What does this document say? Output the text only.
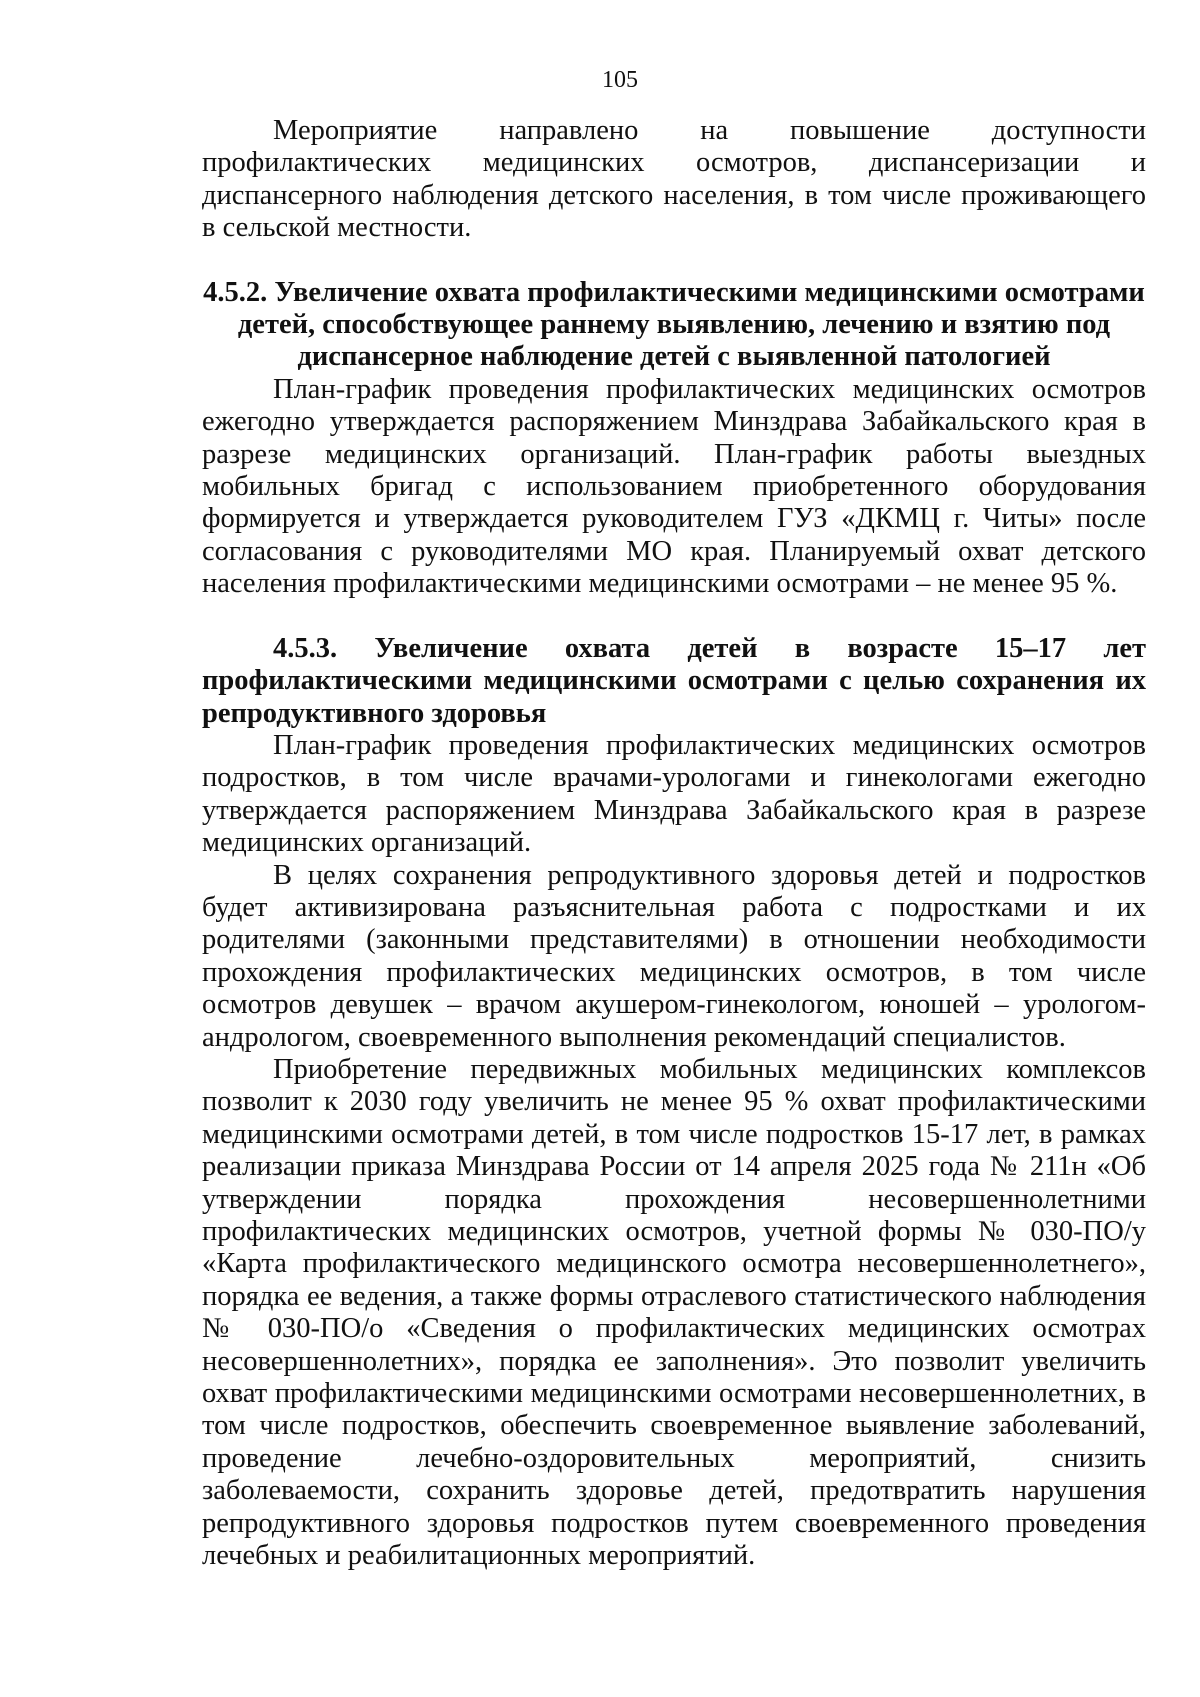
105

Мероприятие направлено на повышение доступности профилактических медицинских осмотров, диспансеризации и диспансерного наблюдения детского населения, в том числе проживающего в сельской местности.

4.5.2. Увеличение охвата профилактическими медицинскими осмотрами детей, способствующее раннему выявлению, лечению и взятию под диспансерное наблюдение детей с выявленной патологией

План-график проведения профилактических медицинских осмотров ежегодно утверждается распоряжением Минздрава Забайкальского края в разрезе медицинских организаций. План-график работы выездных мобильных бригад с использованием приобретенного оборудования формируется и утверждается руководителем ГУЗ «ДКМЦ г. Читы» после согласования с руководителями МО края. Планируемый охват детского населения профилактическими медицинскими осмотрами – не менее 95 %.

4.5.3. Увеличение охвата детей в возрасте 15–17 лет профилактическими медицинскими осмотрами с целью сохранения их репродуктивного здоровья

План-график проведения профилактических медицинских осмотров подростков, в том числе врачами-урологами и гинекологами ежегодно утверждается распоряжением Минздрава Забайкальского края в разрезе медицинских организаций.

В целях сохранения репродуктивного здоровья детей и подростков будет активизирована разъяснительная работа с подростками и их родителями (законными представителями) в отношении необходимости прохождения профилактических медицинских осмотров, в том числе осмотров девушек – врачом акушером-гинекологом, юношей – урологом-андрологом, своевременного выполнения рекомендаций специалистов.

Приобретение передвижных мобильных медицинских комплексов позволит к 2030 году увеличить не менее 95 % охват профилактическими медицинскими осмотрами детей, в том числе подростков 15-17 лет, в рамках реализации приказа Минздрава России от 14 апреля 2025 года № 211н «Об утверждении порядка прохождения несовершеннолетними профилактических медицинских осмотров, учетной формы № 030-ПО/у «Карта профилактического медицинского осмотра несовершеннолетнего», порядка ее ведения, а также формы отраслевого статистического наблюдения № 030-ПО/о «Сведения о профилактических медицинских осмотрах несовершеннолетних», порядка ее заполнения». Это позволит увеличить охват профилактическими медицинскими осмотрами несовершеннолетних, в том числе подростков, обеспечить своевременное выявление заболеваний, проведение лечебно-оздоровительных мероприятий, снизить заболеваемости, сохранить здоровье детей, предотвратить нарушения репродуктивного здоровья подростков путем своевременного проведения лечебных и реабилитационных мероприятий.
